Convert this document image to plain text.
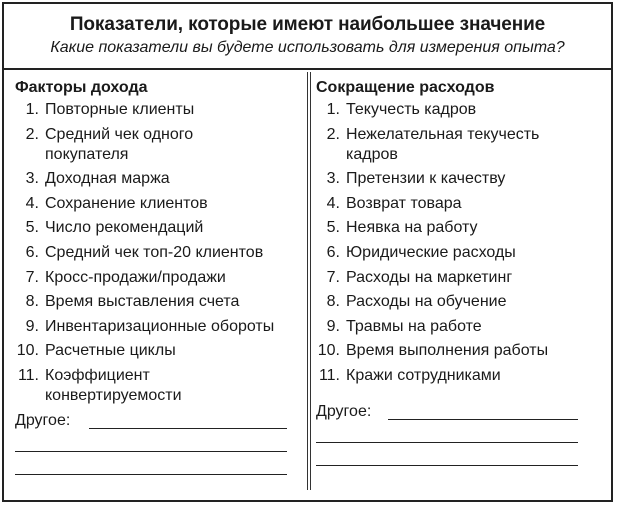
Показатели, которые имеют наибольшее значение
Какие показатели вы будете использовать для измерения опыта?
Факторы дохода
1. Повторные клиенты
2. Средний чек одного покупателя
3. Доходная маржа
4. Сохранение клиентов
5. Число рекомендаций
6. Средний чек топ-20 клиентов
7. Кросс-продажи/продажи
8. Время выставления счета
9. Инвентаризационные обороты
10. Расчетные циклы
11. Коэффициент конвертируемости
Другое:
Сокращение расходов
1. Текучесть кадров
2. Нежелательная текучесть кадров
3. Претензии к качеству
4. Возврат товара
5. Неявка на работу
6. Юридические расходы
7. Расходы на маркетинг
8. Расходы на обучение
9. Травмы на работе
10. Время выполнения работы
11. Кражи сотрудниками
Другое:
